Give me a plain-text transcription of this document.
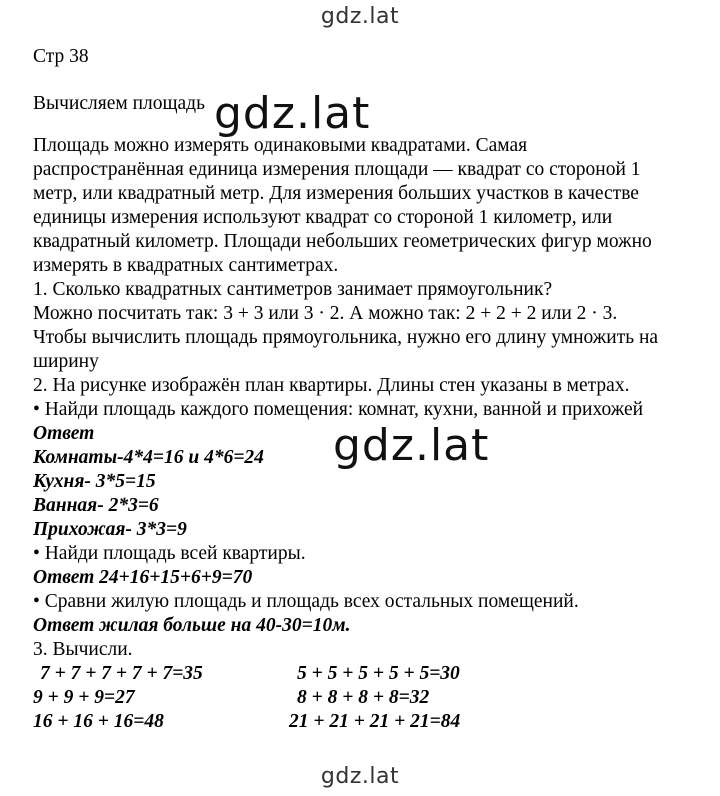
gdz.lat
Стр 38
Вычисляем площадь
Площадь можно измерять одинаковыми квадратами. Самая
распространённая единица измерения площади — квадрат со стороной 1
метр, или квадратный метр. Для измерения больших участков в качестве
единицы измерения используют квадрат со стороной 1 километр, или
квадратный километр. Площади небольших геометрических фигур можно
измерять в квадратных сантиметрах.
1. Сколько квадратных сантиметров занимает прямоугольник?
Можно посчитать так: 3 + 3 или 3 · 2. А можно так: 2 + 2 + 2 или 2 · 3.
Чтобы вычислить площадь прямоугольника, нужно его длину умножить на
ширину
2. На рисунке изображён план квартиры. Длины стен указаны в метрах.
• Найди площадь каждого помещения: комнат, кухни, ванной и прихожей
Ответ
Комнаты-4*4=16 и 4*6=24
Кухня- 3*5=15
Ванная- 2*3=6
Прихожая- 3*3=9
• Найди площадь всей квартиры.
Ответ 24+16+15+6+9=70
• Сравни жилую площадь и площадь всех остальных помещений.
Ответ жилая больше на 40-30=10м.
3. Вычисли.
7 + 7 + 7 + 7 + 7=35
9 + 9 + 9=27
16 + 16 + 16=48
5 + 5 + 5 + 5 + 5=30
8 + 8 + 8 + 8=32
21 + 21 + 21 + 21=84
gdz.lat
gdz.lat
gdz.lat
